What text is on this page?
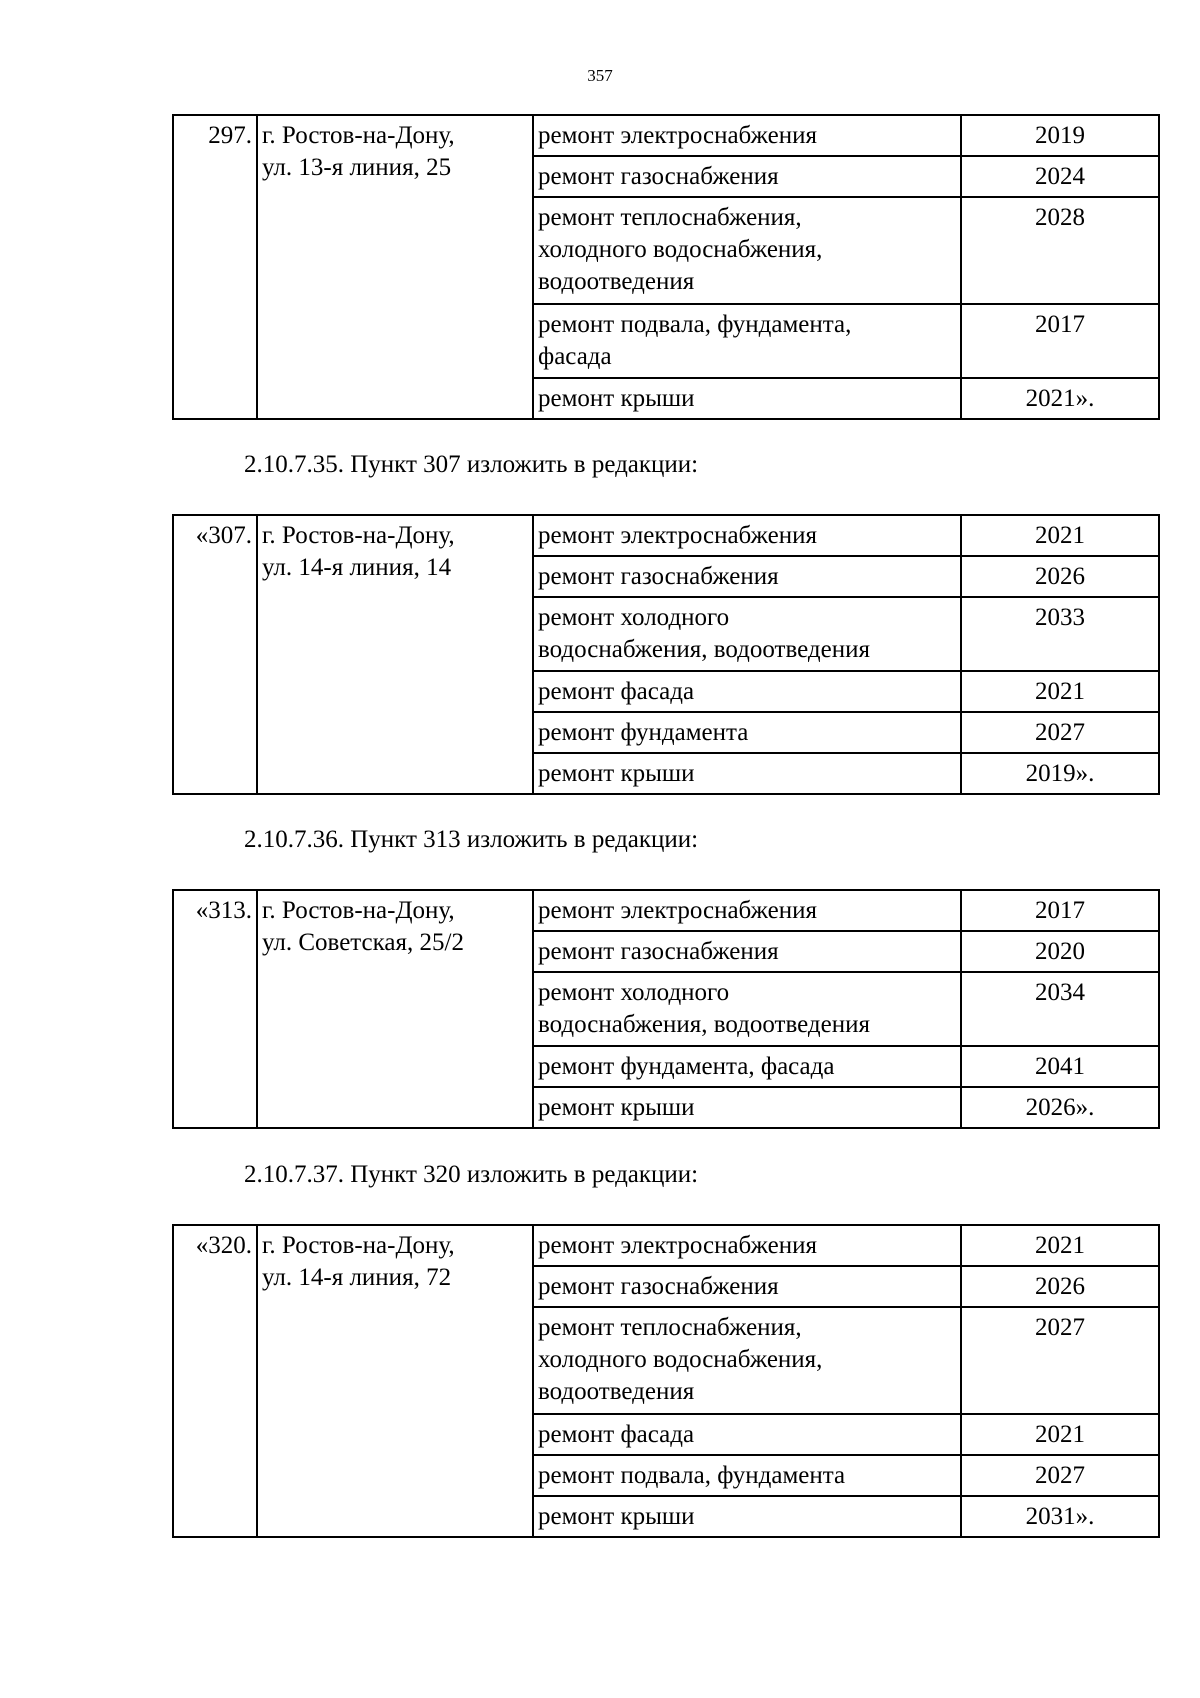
357
297.	г. Ростов-на-Дону,
ул. 13-я линия, 25	ремонт электроснабжения	2019
		ремонт газоснабжения	2024
		ремонт теплоснабжения,
холодного водоснабжения,
водоотведения	2028
		ремонт подвала, фундамента,
фасада	2017
		ремонт крыши	2021».
2.10.7.35. Пункт 307 изложить в редакции:
«307.	г. Ростов-на-Дону,
ул. 14-я линия, 14	ремонт электроснабжения	2021
		ремонт газоснабжения	2026
		ремонт холодного
водоснабжения, водоотведения	2033
		ремонт фасада	2021
		ремонт фундамента	2027
		ремонт крыши	2019».
2.10.7.36. Пункт 313 изложить в редакции:
«313.	г. Ростов-на-Дону,
ул. Советская, 25/2	ремонт электроснабжения	2017
		ремонт газоснабжения	2020
		ремонт холодного
водоснабжения, водоотведения	2034
		ремонт фундамента, фасада	2041
		ремонт крыши	2026».
2.10.7.37. Пункт 320 изложить в редакции:
«320.	г. Ростов-на-Дону,
ул. 14-я линия, 72	ремонт электроснабжения	2021
		ремонт газоснабжения	2026
		ремонт теплоснабжения,
холодного водоснабжения,
водоотведения	2027
		ремонт фасада	2021
		ремонт подвала, фундамента	2027
		ремонт крыши	2031».
